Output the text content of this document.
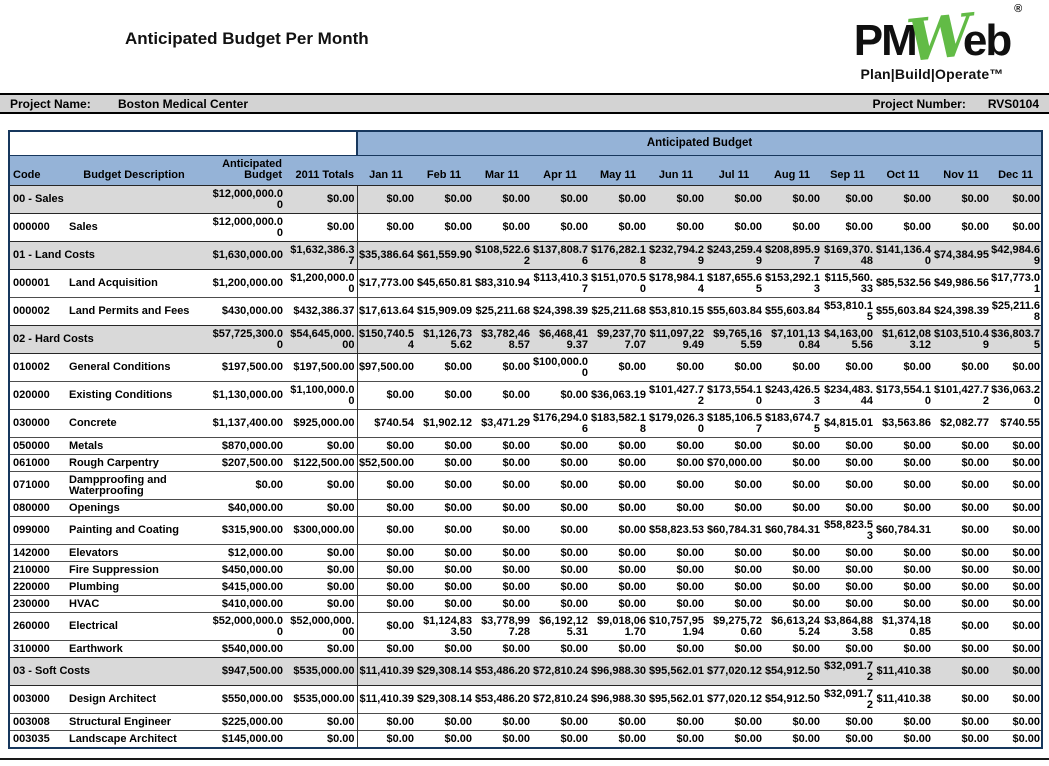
Anticipated Budget Per Month	PMWeb
®
Plan|Build|Operate™
Project Name:	Boston Medical Center	Project Number: RVS0104
				Anticipated Budget											
Code	Budget Description	Anticipated Budget	2011 Totals	Jan 11	Feb 11	Mar 11	Apr 11	May 11	Jun 11	Jul 11	Aug 11	Sep 11	Oct 11	Nov 11	Dec 11
00 - Sales		$12,000,000.00	$0.00	$0.00	$0.00	$0.00	$0.00	$0.00	$0.00	$0.00	$0.00	$0.00	$0.00	$0.00	$0.00
000000	Sales	$12,000,000.00	$0.00	$0.00	$0.00	$0.00	$0.00	$0.00	$0.00	$0.00	$0.00	$0.00	$0.00	$0.00	$0.00
01 - Land Costs		$1,630,000.00	$1,632,386.37	$35,386.64	$61,559.90	$108,522.62	$137,808.76	$176,282.18	$232,794.29	$243,259.49	$208,895.97	$169,370.48	$141,136.40	$74,384.95	$42,984.69
000001	Land Acquisition	$1,200,000.00	$1,200,000.00	$17,773.00	$45,650.81	$83,310.94	$113,410.37	$151,070.50	$178,984.14	$187,655.65	$153,292.13	$115,560.33	$85,532.56	$49,986.56	$17,773.01
000002	Land Permits and Fees	$430,000.00	$432,386.37	$17,613.64	$15,909.09	$25,211.68	$24,398.39	$25,211.68	$53,810.15	$55,603.84	$55,603.84	$53,810.15	$55,603.84	$24,398.39	$25,211.68
02 - Hard Costs		$57,725,300.00	$54,645,000.00	$150,740.54	$1,126,735.62	$3,782,468.57	$6,468,419.37	$9,237,707.07	$11,097,229.49	$9,765,165.59	$7,101,130.84	$4,163,005.56	$1,612,083.12	$103,510.49	$36,803.75
010002	General Conditions	$197,500.00	$197,500.00	$97,500.00	$0.00	$0.00	$100,000.00	$0.00	$0.00	$0.00	$0.00	$0.00	$0.00	$0.00	$0.00
020000	Existing Conditions	$1,130,000.00	$1,100,000.00	$0.00	$0.00	$0.00	$0.00	$36,063.19	$101,427.72	$173,554.10	$243,426.53	$234,483.44	$173,554.10	$101,427.72	$36,063.20
030000	Concrete	$1,137,400.00	$925,000.00	$740.54	$1,902.12	$3,471.29	$176,294.06	$183,582.18	$179,026.30	$185,106.57	$183,674.75	$4,815.01	$3,563.86	$2,082.77	$740.55
050000	Metals	$870,000.00	$0.00	$0.00	$0.00	$0.00	$0.00	$0.00	$0.00	$0.00	$0.00	$0.00	$0.00	$0.00	$0.00
061000	Rough Carpentry	$207,500.00	$122,500.00	$52,500.00	$0.00	$0.00	$0.00	$0.00	$0.00	$70,000.00	$0.00	$0.00	$0.00	$0.00	$0.00
071000	Dampproofing and Waterproofing	$0.00	$0.00	$0.00	$0.00	$0.00	$0.00	$0.00	$0.00	$0.00	$0.00	$0.00	$0.00	$0.00	$0.00
080000	Openings	$40,000.00	$0.00	$0.00	$0.00	$0.00	$0.00	$0.00	$0.00	$0.00	$0.00	$0.00	$0.00	$0.00	$0.00
099000	Painting and Coating	$315,900.00	$300,000.00	$0.00	$0.00	$0.00	$0.00	$0.00	$58,823.53	$60,784.31	$60,784.31	$58,823.53	$60,784.31	$0.00	$0.00
142000	Elevators	$12,000.00	$0.00	$0.00	$0.00	$0.00	$0.00	$0.00	$0.00	$0.00	$0.00	$0.00	$0.00	$0.00	$0.00
210000	Fire Suppression	$450,000.00	$0.00	$0.00	$0.00	$0.00	$0.00	$0.00	$0.00	$0.00	$0.00	$0.00	$0.00	$0.00	$0.00
220000	Plumbing	$415,000.00	$0.00	$0.00	$0.00	$0.00	$0.00	$0.00	$0.00	$0.00	$0.00	$0.00	$0.00	$0.00	$0.00
230000	HVAC	$410,000.00	$0.00	$0.00	$0.00	$0.00	$0.00	$0.00	$0.00	$0.00	$0.00	$0.00	$0.00	$0.00	$0.00
260000	Electrical	$52,000,000.00	$52,000,000.00	$0.00	$1,124,833.50	$3,778,997.28	$6,192,125.31	$9,018,061.70	$10,757,951.94	$9,275,720.60	$6,613,245.24	$3,864,883.58	$1,374,180.85	$0.00	$0.00
310000	Earthwork	$540,000.00	$0.00	$0.00	$0.00	$0.00	$0.00	$0.00	$0.00	$0.00	$0.00	$0.00	$0.00	$0.00	$0.00
03 - Soft Costs		$947,500.00	$535,000.00	$11,410.39	$29,308.14	$53,486.20	$72,810.24	$96,988.30	$95,562.01	$77,020.12	$54,912.50	$32,091.72	$11,410.38	$0.00	$0.00
003000	Design Architect	$550,000.00	$535,000.00	$11,410.39	$29,308.14	$53,486.20	$72,810.24	$96,988.30	$95,562.01	$77,020.12	$54,912.50	$32,091.72	$11,410.38	$0.00	$0.00
003008	Structural Engineer	$225,000.00	$0.00	$0.00	$0.00	$0.00	$0.00	$0.00	$0.00	$0.00	$0.00	$0.00	$0.00	$0.00	$0.00
003035	Landscape Architect	$145,000.00	$0.00	$0.00	$0.00	$0.00	$0.00	$0.00	$0.00	$0.00	$0.00	$0.00	$0.00	$0.00	$0.00
